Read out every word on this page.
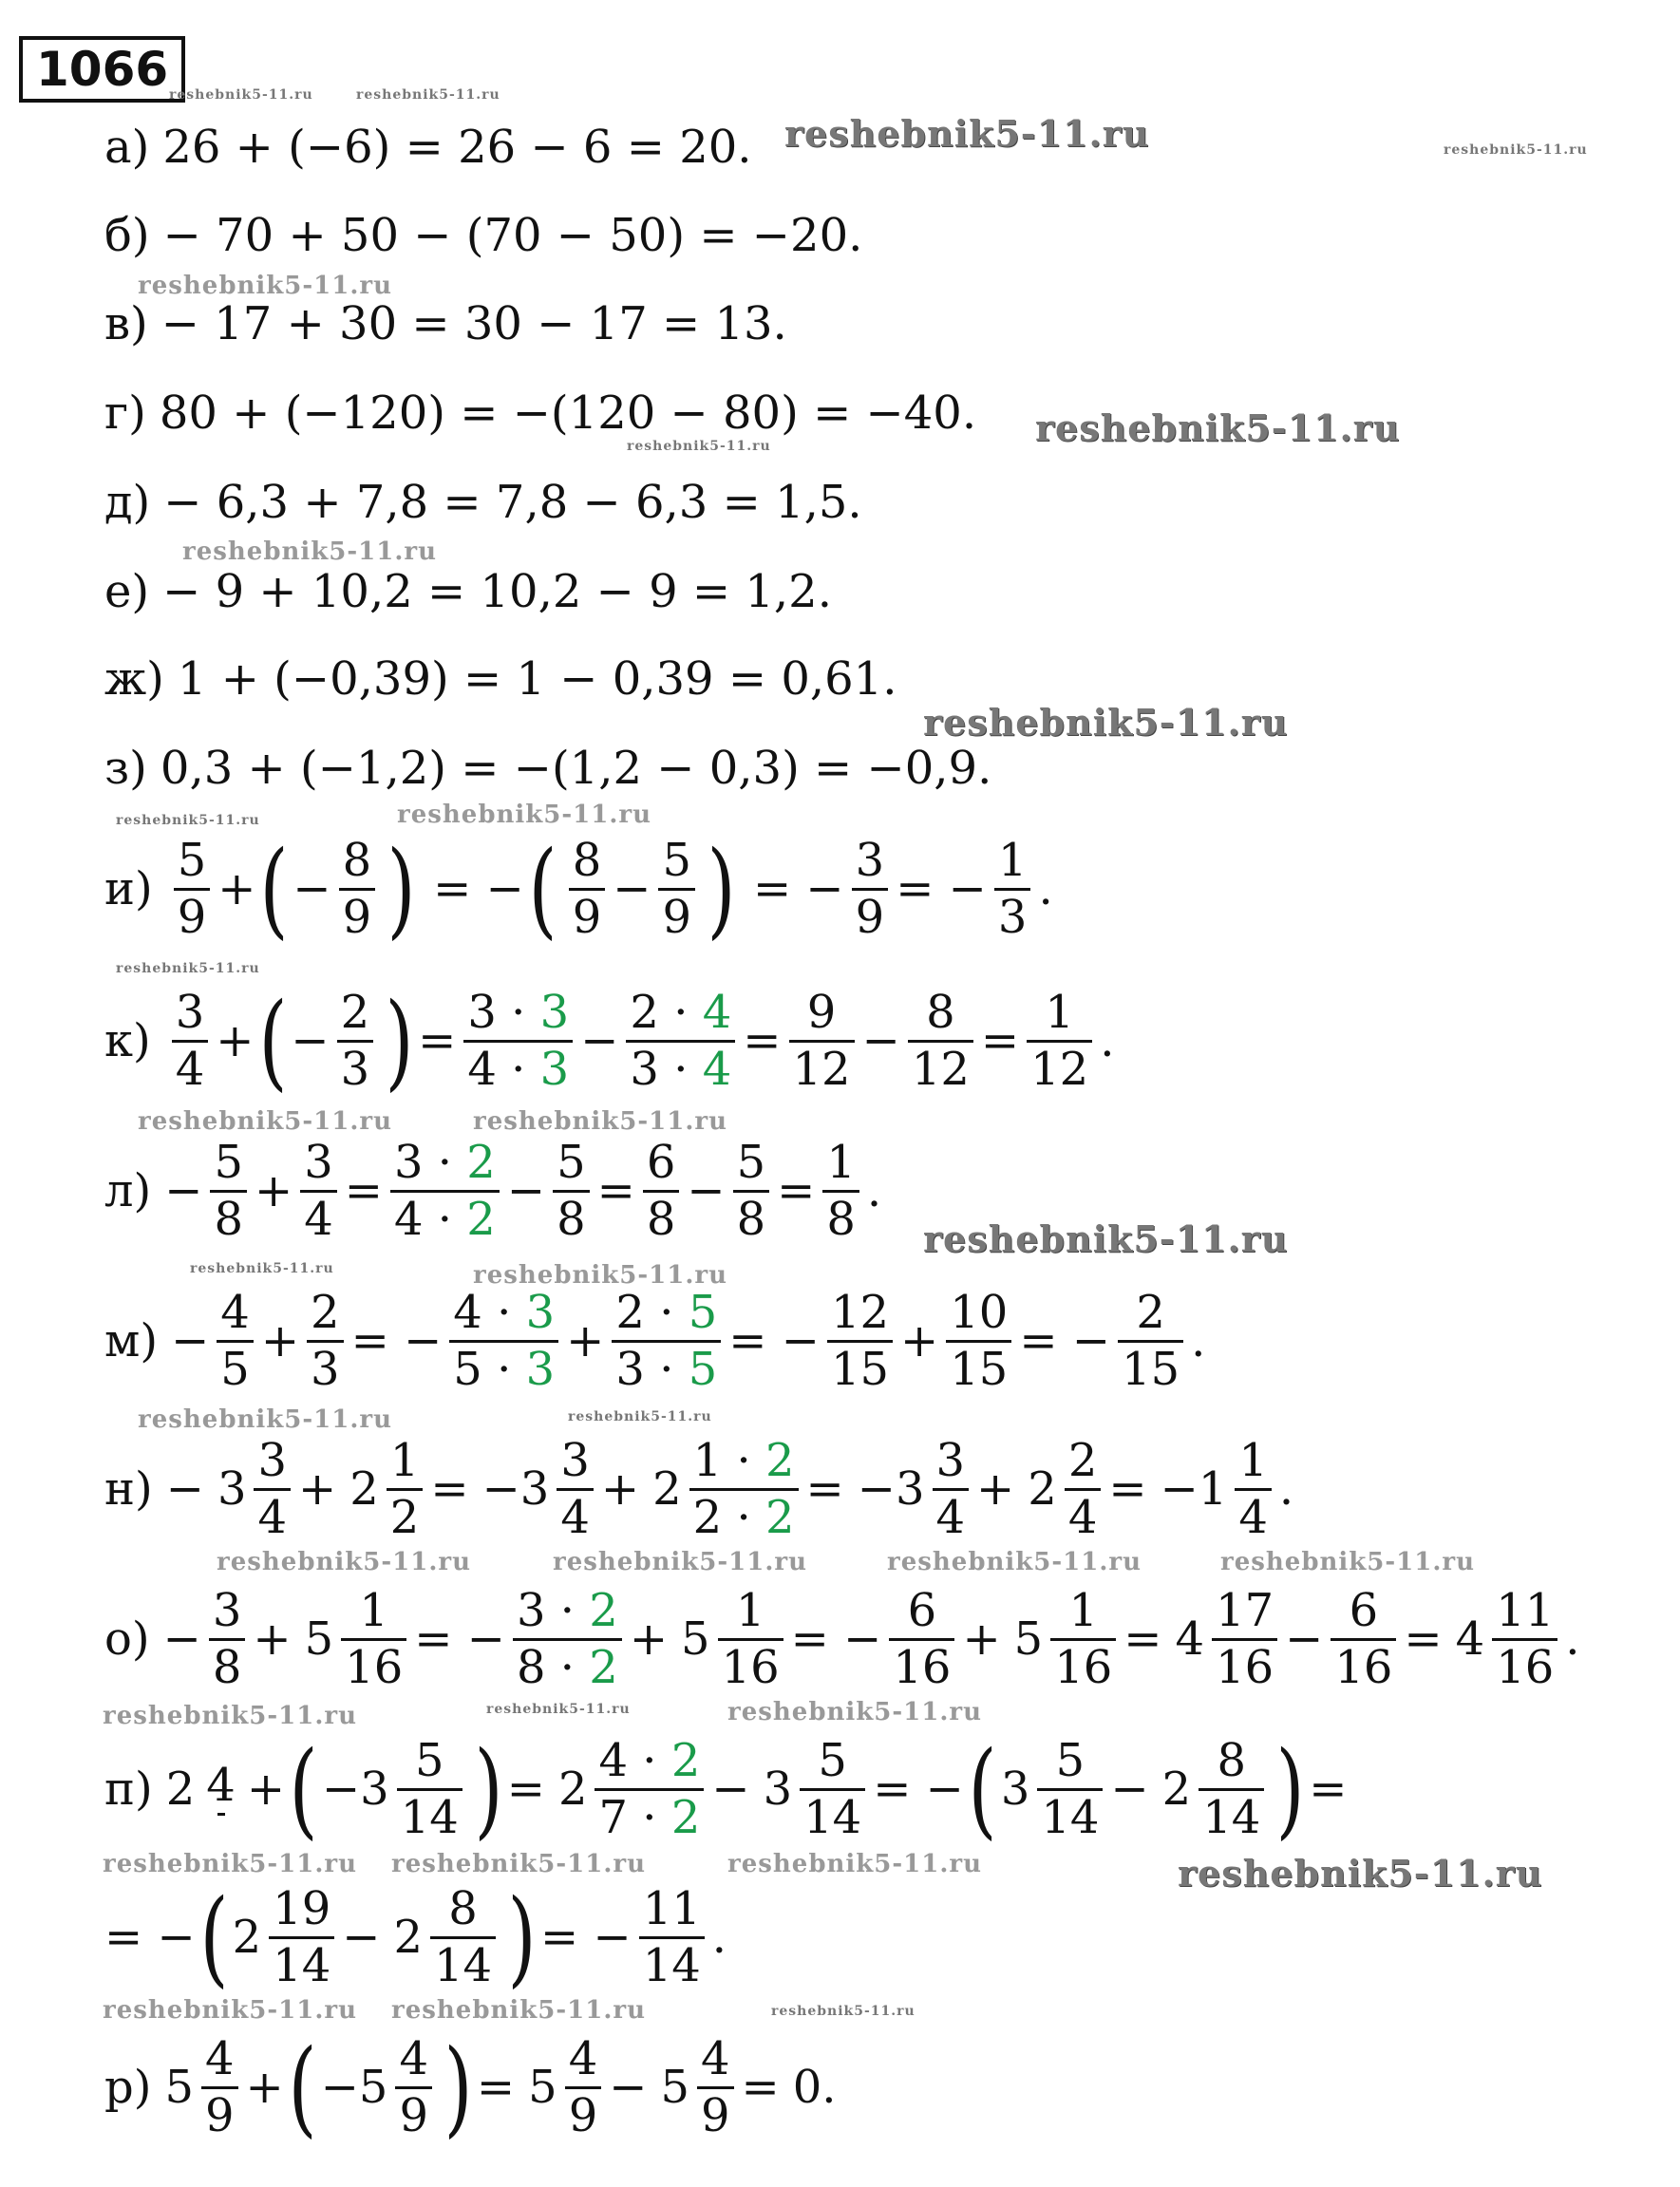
1066 reshebnik5-11.ru	reshebnik5-11.ru
reshebnik5-11.ru	reshebnik5-11.ru
reshebnik5-11.ru
reshebnik5-11.ru
reshebnik5-11.ru
reshebnik5-11.ru
reshebnik5-11.ru
reshebnik5-11.ru
reshebnik5-11.ru
reshebnik5-11.ru
reshebnik5-11.ru	reshebnik5-11.ru
reshebnik5-11.ru
reshebnik5-11.ru	reshebnik5-11.ru
reshebnik5-11.ru	reshebnik5-11.ru
reshebnik5-11.ru	reshebnik5-11.ru	reshebnik5-11.ru	reshebnik5-11.ru
reshebnik5-11.ru	reshebnik5-11.ru	reshebnik5-11.ru
reshebnik5-11.ru reshebnik5-11.ru	reshebnik5-11.ru	reshebnik5-11.ru
reshebnik5-11.ru reshebnik5-11.ru	reshebnik5-11.ru
а) 26 + (−6) = 26 − 6 = 20.
б) − 70 + 50 − (70 − 50) = −20.
в) − 17 + 30 = 30 − 17 = 13.
г) 80 + (−120) = −(120 − 80) = −40.
д) − 6,3 + 7,8 = 7,8 − 6,3 = 1,5.
е) − 9 + 10,2 = 10,2 − 9 = 1,2.
ж) 1 + (−0,39) = 1 − 0,39 = 0,61.
з) 0,3 + (−1,2) = −(1,2 − 0,3) = −0,9.
$и) \frac{5}{9}$ + ( − $\frac{8}{9}$ ) = − ( $\frac{8}{9} - \frac{5}{9}$ ) = − $\frac{3}{9}$ = − $\frac{1}{3}$ .
$к) \frac{3}{4}$ + ( − $\frac{2}{3}$ ) = $\frac{3 \cdot 3}{4 \cdot 3} - \frac{2 \cdot 4}{3 \cdot 4} = \frac{9}{12} - \frac{8}{12} = \frac{1}{12}$ .
$л) - \frac{5}{8} + \frac{3}{4} = \frac{3 \cdot 2}{4 \cdot 2} - \frac{5}{8} = \frac{6}{8} - \frac{5}{8} = \frac{1}{8}$ .
$м) - \frac{4}{5} + \frac{2}{3}$ = − $\frac{4 \cdot 3}{5 \cdot 3} + \frac{2 \cdot 5}{3 \cdot 5}$ = − $\frac{12}{15} + \frac{10}{15}$ = − $\frac{2}{15}$ .
$н) - 3 \frac{3}{4} + 2 \frac{1}{2}$ = − $3 \frac{3}{4} + 2 \frac{1 \cdot 2}{2 \cdot 2}$ = − $3 \frac{3}{4} + 2 \frac{2}{4}$ = − $1 \frac{1}{4}$ .
$о) - \frac{3}{8} + 5 \frac{1}{16}$ = − $\frac{3 \cdot 2}{8 \cdot 2} + 5 \frac{1}{16}$ = − $\frac{6}{16} + 5 \frac{1}{16} = 4 \frac{17}{16} - \frac{6}{16} = 4 \frac{11}{16}$ .
п) 2 4 + ( − $3 \frac{5}{14}$ ) = $2 \frac{4 \cdot 2}{7 \cdot 2} - 3 \frac{5}{14}$ = − ( $3 \frac{5}{14} - 2 \frac{8}{14}$ ) =
= − ( $2 \frac{19}{14} - 2 \frac{8}{14}$ ) = − $\frac{11}{14}$ .
р) $5 \frac{4}{9}$ + ( − $5 \frac{4}{9}$ ) = $5 \frac{4}{9} - 5 \frac{4}{9} = 0$.
